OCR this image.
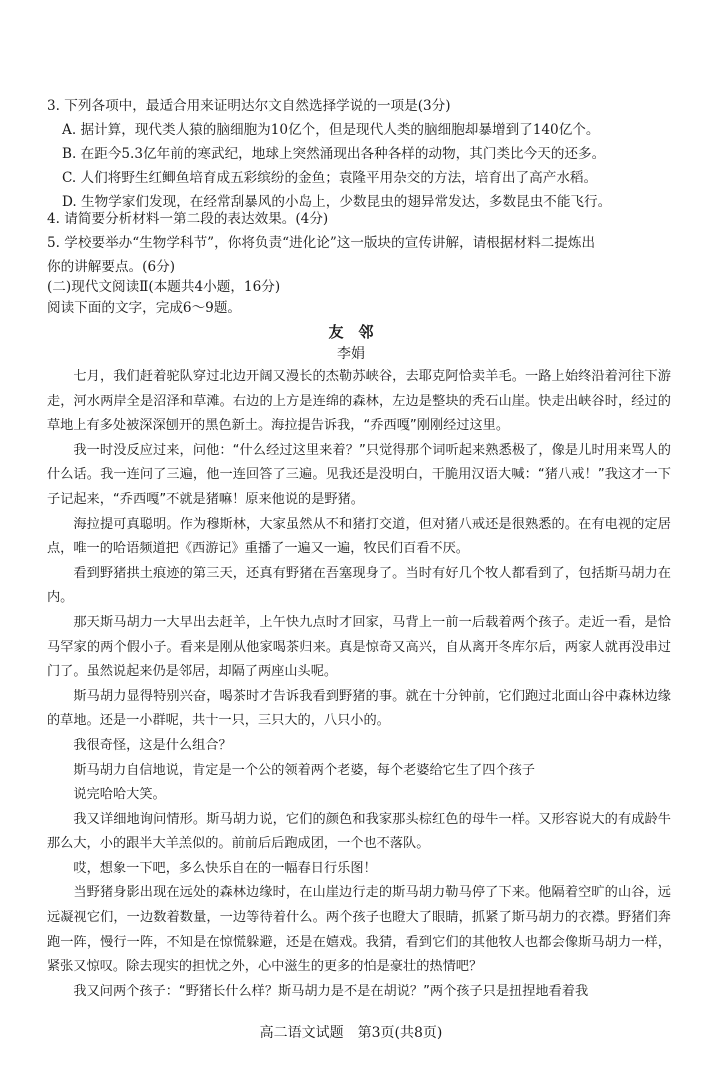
3. 下列各项中，最适合用来证明达尔文自然选择学说的一项是(3分)
A. 据计算，现代类人猿的脑细胞为10亿个，但是现代人类的脑细胞却暴增到了140亿个。
B. 在距今5.3亿年前的寒武纪，地球上突然涌现出各种各样的动物，其门类比今天的还多。
C. 人们将野生红鲫鱼培育成五彩缤纷的金鱼；袁隆平用杂交的方法，培育出了高产水稻。
D. 生物学家们发现，在经常刮暴风的小岛上，少数昆虫的翅异常发达，多数昆虫不能飞行。
4. 请简要分析材料一第二段的表达效果。(4分)
5. 学校要举办“生物学科节”，你将负责“进化论”这一版块的宣传讲解，请根据材料二提炼出
你的讲解要点。(6分)
(二)现代文阅读Ⅱ(本题共4小题，16分)
阅读下面的文字，完成6～9题。
友　邻
李娟

七月，我们赶着驼队穿过北边开阔又漫长的杰勒苏峡谷，去耶克阿恰卖羊毛。一路上始终沿着河往下游走，河水两岸全是沼泽和草滩。右边的上方是连绵的森林，左边是整块的秃石山崖。快走出峡谷时，经过的草地上有多处被深深刨开的黑色新土。海拉提告诉我，“乔西嘎”刚刚经过这里。

我一时没反应过来，问他：“什么经过这里来着？”只觉得那个词听起来熟悉极了，像是儿时用来骂人的什么话。我一连问了三遍，他一连回答了三遍。见我还是没明白，干脆用汉语大喊：“猪八戒！”我这才一下子记起来，“乔西嘎”不就是猪嘛！原来他说的是野猪。

海拉提可真聪明。作为穆斯林，大家虽然从不和猪打交道，但对猪八戒还是很熟悉的。在有电视的定居点，唯一的哈语频道把《西游记》重播了一遍又一遍，牧民们百看不厌。

看到野猪拱土痕迹的第三天，还真有野猪在吾塞现身了。当时有好几个牧人都看到了，包括斯马胡力在内。

那天斯马胡力一大早出去赶羊，上午快九点时才回家，马背上一前一后载着两个孩子。走近一看，是恰马罕家的两个假小子。看来是刚从他家喝茶归来。真是惊奇又高兴，自从离开冬库尔后，两家人就再没串过门了。虽然说起来仍是邻居，却隔了两座山头呢。

斯马胡力显得特别兴奋，喝茶时才告诉我看到野猪的事。就在十分钟前，它们跑过北面山谷中森林边缘的草地。还是一小群呢，共十一只，三只大的，八只小的。

我很奇怪，这是什么组合？

斯马胡力自信地说，肯定是一个公的领着两个老婆，每个老婆给它生了四个孩子

说完哈哈大笑。

我又详细地询问情形。斯马胡力说，它们的颜色和我家那头棕红色的母牛一样。又形容说大的有成龄牛那么大，小的跟半大羊羔似的。前前后后跑成团，一个也不落队。

哎，想象一下吧，多么快乐自在的一幅春日行乐图！

当野猪身影出现在远处的森林边缘时，在山崖边行走的斯马胡力勒马停了下来。他隔着空旷的山谷，远远凝视它们，一边数着数量，一边等待着什么。两个孩子也瞪大了眼睛，抓紧了斯马胡力的衣襟。野猪们奔跑一阵，慢行一阵，不知是在惊慌躲避，还是在嬉戏。我猜，看到它们的其他牧人也都会像斯马胡力一样，紧张又惊叹。除去现实的担忧之外，心中滋生的更多的怕是豪壮的热情吧？

我又问两个孩子：“野猪长什么样？斯马胡力是不是在胡说？”两个孩子只是扭捏地看着我

高二语文试题　第3页(共8页)
